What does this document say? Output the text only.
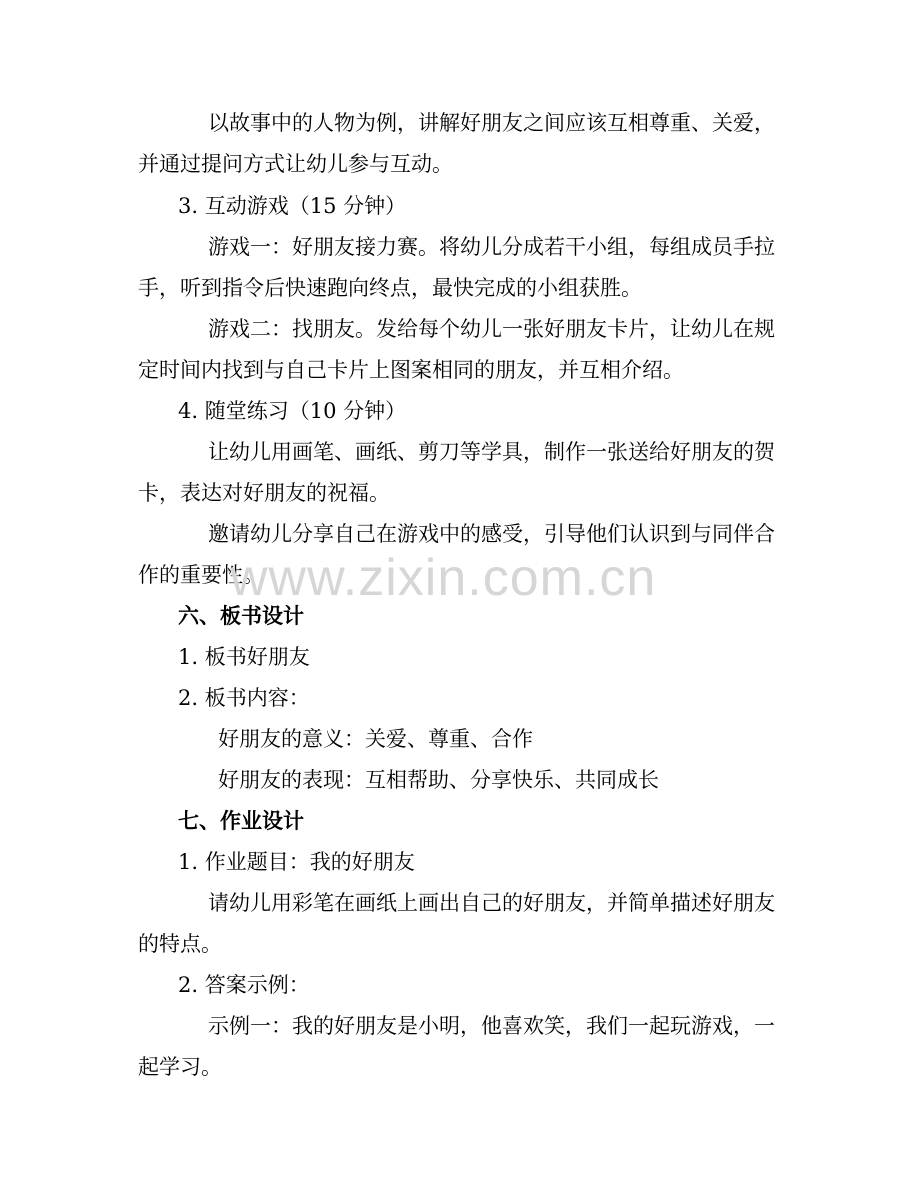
以故事中的人物为例，讲解好朋友之间应该互相尊重、关爱，
并通过提问方式让幼儿参与互动。
3. 互动游戏（15 分钟）
游戏一：好朋友接力赛。将幼儿分成若干小组，每组成员手拉
手，听到指令后快速跑向终点，最快完成的小组获胜。
游戏二：找朋友。发给每个幼儿一张好朋友卡片，让幼儿在规
定时间内找到与自己卡片上图案相同的朋友，并互相介绍。
4. 随堂练习（10 分钟）
让幼儿用画笔、画纸、剪刀等学具，制作一张送给好朋友的贺
卡，表达对好朋友的祝福。
邀请幼儿分享自己在游戏中的感受，引导他们认识到与同伴合
作的重要性。
六、板书设计
1. 板书好朋友
2. 板书内容：
好朋友的意义：关爱、尊重、合作
好朋友的表现：互相帮助、分享快乐、共同成长
七、作业设计
1. 作业题目：我的好朋友
请幼儿用彩笔在画纸上画出自己的好朋友，并简单描述好朋友
的特点。
2. 答案示例：
示例一：我的好朋友是小明，他喜欢笑，我们一起玩游戏，一
起学习。
www.zixin.com.cn
